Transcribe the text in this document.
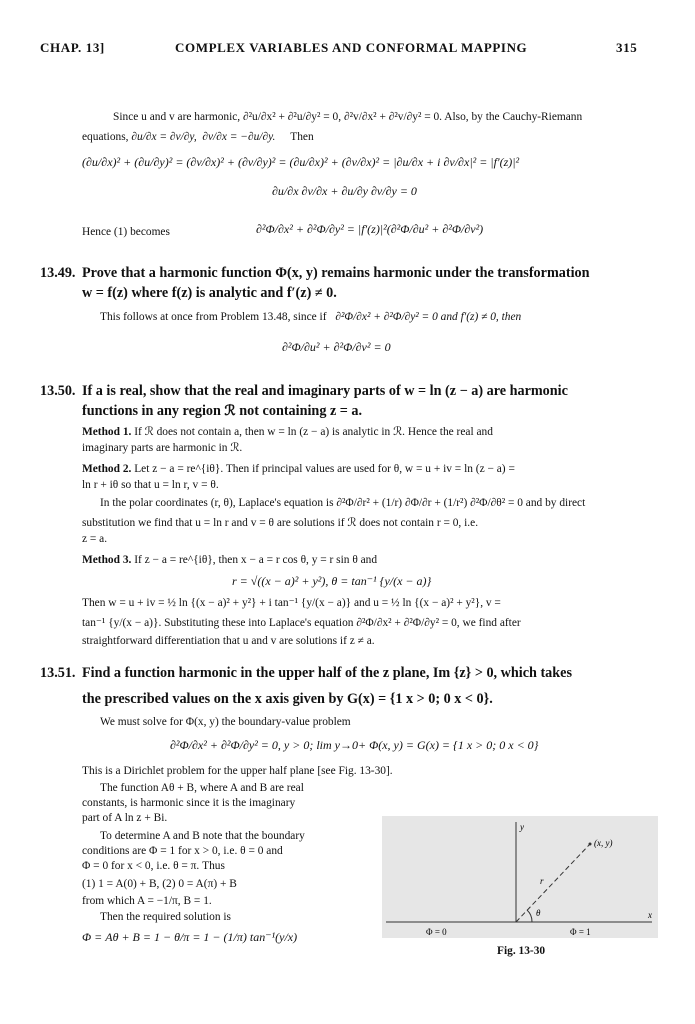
CHAP. 13]	COMPLEX VARIABLES AND CONFORMAL MAPPING	315
Since u and v are harmonic, ∂²u/∂x² + ∂²u/∂y² = 0, ∂²v/∂x² + ∂²v/∂y² = 0. Also, by the Cauchy-Riemann
equations, ∂u/∂x = ∂v/∂y,  ∂v/∂x = −∂u/∂y. Then
(∂u/∂x)² + (∂u/∂y)² = (∂v/∂x)² + (∂v/∂y)² = (∂u/∂x)² + (∂v/∂x)² = |∂u/∂x + i ∂v/∂x|² = |f′(z)|²
∂u/∂x ∂v/∂x + ∂u/∂y ∂v/∂y = 0
Hence (1) becomes	∂²Φ/∂x² + ∂²Φ/∂y² = |f′(z)|²(∂²Φ/∂u² + ∂²Φ/∂v²)
13.49. Prove that a harmonic function Φ(x, y) remains harmonic under the transformation
w = f(z) where f(z) is analytic and f′(z) ≠ 0.
This follows at once from Problem 13.48, since if ∂²Φ/∂x² + ∂²Φ/∂y² = 0 and f′(z) ≠ 0, then
∂²Φ/∂u² + ∂²Φ/∂v² = 0
13.50. If a is real, show that the real and imaginary parts of w = ln (z − a) are harmonic
functions in any region ℛ not containing z = a.
Method 1. If ℛ does not contain a, then w = ln (z − a) is analytic in ℛ. Hence the real and
imaginary parts are harmonic in ℛ.
Method 2. Let z − a = re^{iθ}. Then if principal values are used for θ, w = u + iv = ln (z − a) =
ln r + iθ so that u = ln r, v = θ.
In the polar coordinates (r, θ), Laplace's equation is ∂²Φ/∂r² + (1/r) ∂Φ/∂r + (1/r²) ∂²Φ/∂θ² = 0 and by direct
substitution we find that u = ln r and v = θ are solutions if ℛ does not contain r = 0, i.e.
z = a.
Method 3. If z − a = re^{iθ}, then x − a = r cos θ, y = r sin θ and
r = √((x − a)² + y²), θ = tan⁻¹ {y/(x − a)}
Then w = u + iv = ½ ln {(x − a)² + y²} + i tan⁻¹ {y/(x − a)} and u = ½ ln {(x − a)² + y²}, v =
tan⁻¹ {y/(x − a)}. Substituting these into Laplace's equation ∂²Φ/∂x² + ∂²Φ/∂y² = 0, we find after
straightforward differentiation that u and v are solutions if z ≠ a.
13.51. Find a function harmonic in the upper half of the z plane, Im {z} > 0, which takes
the prescribed values on the x axis given by G(x) = {1 x > 0; 0 x < 0}.
We must solve for Φ(x, y) the boundary-value problem
∂²Φ/∂x² + ∂²Φ/∂y² = 0, y > 0; lim y→0+ Φ(x, y) = G(x) = {1 x > 0; 0 x < 0}
This is a Dirichlet problem for the upper half plane [see Fig. 13-30].
The function Aθ + B, where A and B are real
constants, is harmonic since it is the imaginary
part of A ln z + Bi.
To determine A and B note that the boundary
conditions are Φ = 1 for x > 0, i.e. θ = 0 and
Φ = 0 for x < 0, i.e. θ = π. Thus
(1) 1 = A(0) + B, (2) 0 = A(π) + B
from which A = −1/π, B = 1.
Then the required solution is
Φ = Aθ + B = 1 − θ/π = 1 − (1/π) tan⁻¹(y/x)
y
x
(x, y)
r
θ
Φ = 0	Φ = 1
Fig. 13-30
